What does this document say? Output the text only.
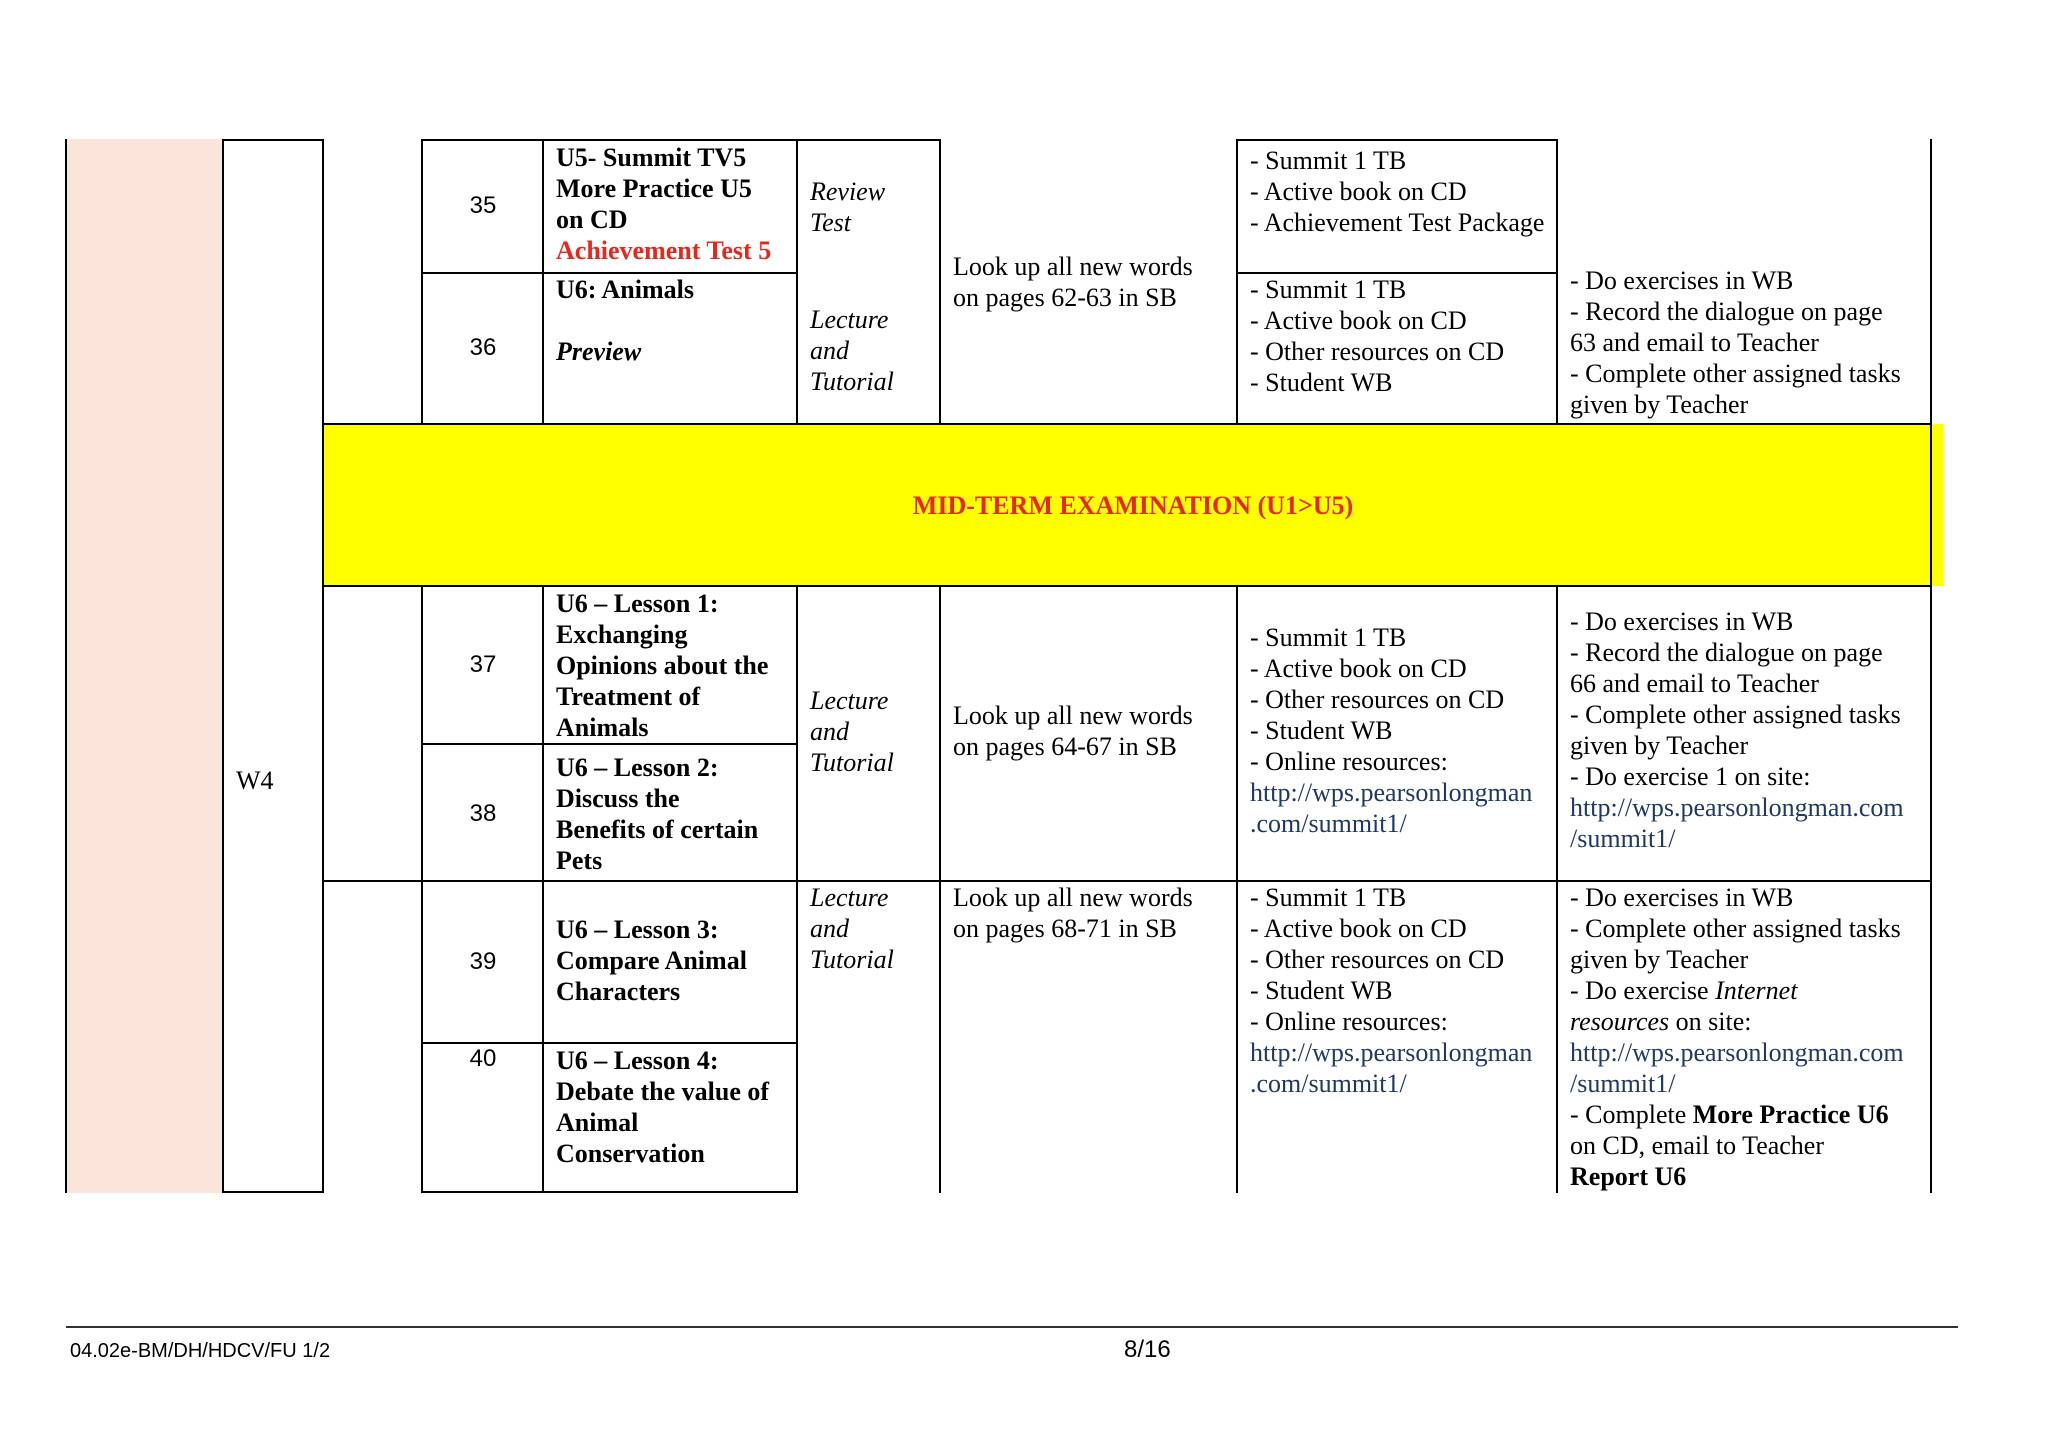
MID-TERM EXAMINATION (U1>U5)
W4
35
36
37
38
39
40
U5- Summit TV5
More Practice U5
on CD
Achievement Test 5
Review Test
U6: Animals
Preview
Lecture and Tutorial
Look up all new words
on pages 62-63 in SB
- Summit 1 TB
- Active book on CD
- Achievement Test Package
- Summit 1 TB
- Active book on CD
- Other resources on CD
- Student WB
- Do exercises in WB
- Record the dialogue on page
63 and email to Teacher
- Complete other assigned tasks
given by Teacher
U6 – Lesson 1:
Exchanging
Opinions about the
Treatment of
Animals
U6 – Lesson 2:
Discuss the
Benefits of certain
Pets
Lecture
and
Tutorial
Look up all new words
on pages 64-67 in SB
- Summit 1 TB
- Active book on CD
- Other resources on CD
- Student WB
- Online resources:
http://wps.pearsonlongman
.com/summit1/
- Do exercises in WB
- Record the dialogue on page
66 and email to Teacher
- Complete other assigned tasks
given by Teacher
- Do exercise 1 on site:
http://wps.pearsonlongman.com
/summit1/
U6 – Lesson 3:
Compare Animal
Characters
U6 – Lesson 4:
Debate the value of
Animal
Conservation
Lecture
and
Tutorial
Look up all new words
on pages 68-71 in SB
- Summit 1 TB
- Active book on CD
- Other resources on CD
- Student WB
- Online resources:
http://wps.pearsonlongman
.com/summit1/
- Do exercises in WB
- Complete other assigned tasks
given by Teacher
- Do exercise Internet
resources on site:
http://wps.pearsonlongman.com
/summit1/
- Complete More Practice U6
on CD, email to Teacher
Report U6
04.02e-BM/DH/HDCV/FU 1/2	8/16
